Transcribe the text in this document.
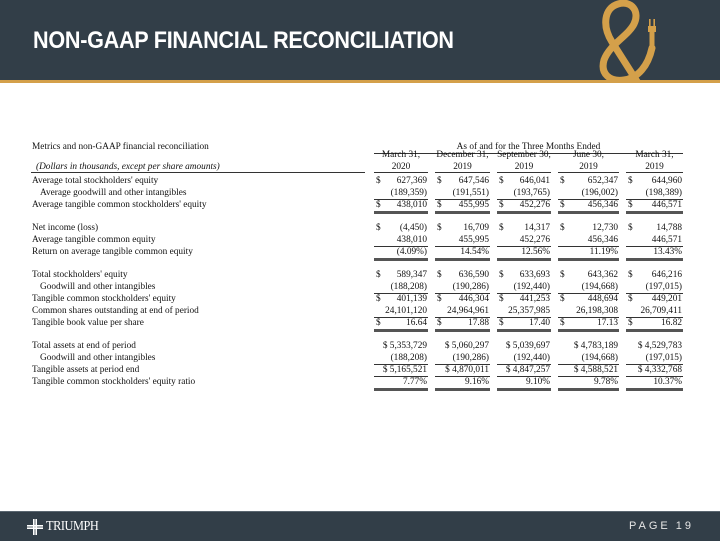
NON-GAAP FINANCIAL RECONCILIATION
Metrics and non-GAAP financial reconciliation	As of and for the Three Months Ended
(Dollars in thousands, except per share amounts)
March 31,
2020
December 31,
2019
September 30,
2019
June 30,
2019
March 31,
2019
Average total stockholders' equity	$ 627,369 $ 647,546 $ 646,041 $ 652,347 $ 644,960
Average goodwill and other intangibles	(189,359)	(191,551)	(193,765)	(196,002)	(198,389)
Average tangible common stockholders' equity	$ 438,010 $ 455,995 $ 452,276 $ 456,346 $ 446,571
Net income (loss)	$ (4,450) $ 16,709 $ 14,317 $	12,730 $	14,788
Average tangible common equity	438,010	455,995	452,276	456,346	446,571
Return on average tangible common equity	(4.09%)	14.54%	12.56%	11.19%	13.43%
Total stockholders' equity	$ 589,347 $ 636,590 $ 633,693 $ 643,362 $ 646,216
Goodwill and other intangibles	(188,208)	(190,286)	(192,440)	(194,668)	(197,015)
Tangible common stockholders' equity	$ 401,139 $ 446,304 $ 441,253 $ 448,694 $ 449,201
Common shares outstanding at end of period	24,101,120 24,964,961 25,357,985	26,198,308 26,709,411
Tangible book value per share	$	16.64 $	17.88 $	17.40 $	17.13 $	16.82
Total assets at end of period	$ 5,353,729 $ 5,060,297 $ 5,039,697	$ 4,783,189 $ 4,529,783
Goodwill and other intangibles	(188,208)	(190,286)	(192,440)	(194,668)	(197,015)
Tangible assets at period end	$ 5,165,521 $ 4,870,011 $ 4,847,257	$ 4,588,521 $ 4,332,768
Tangible common stockholders' equity ratio	7.77%	9.16%	9.10%	9.78%	10.37%
TRIUMPH	PAGE 19
